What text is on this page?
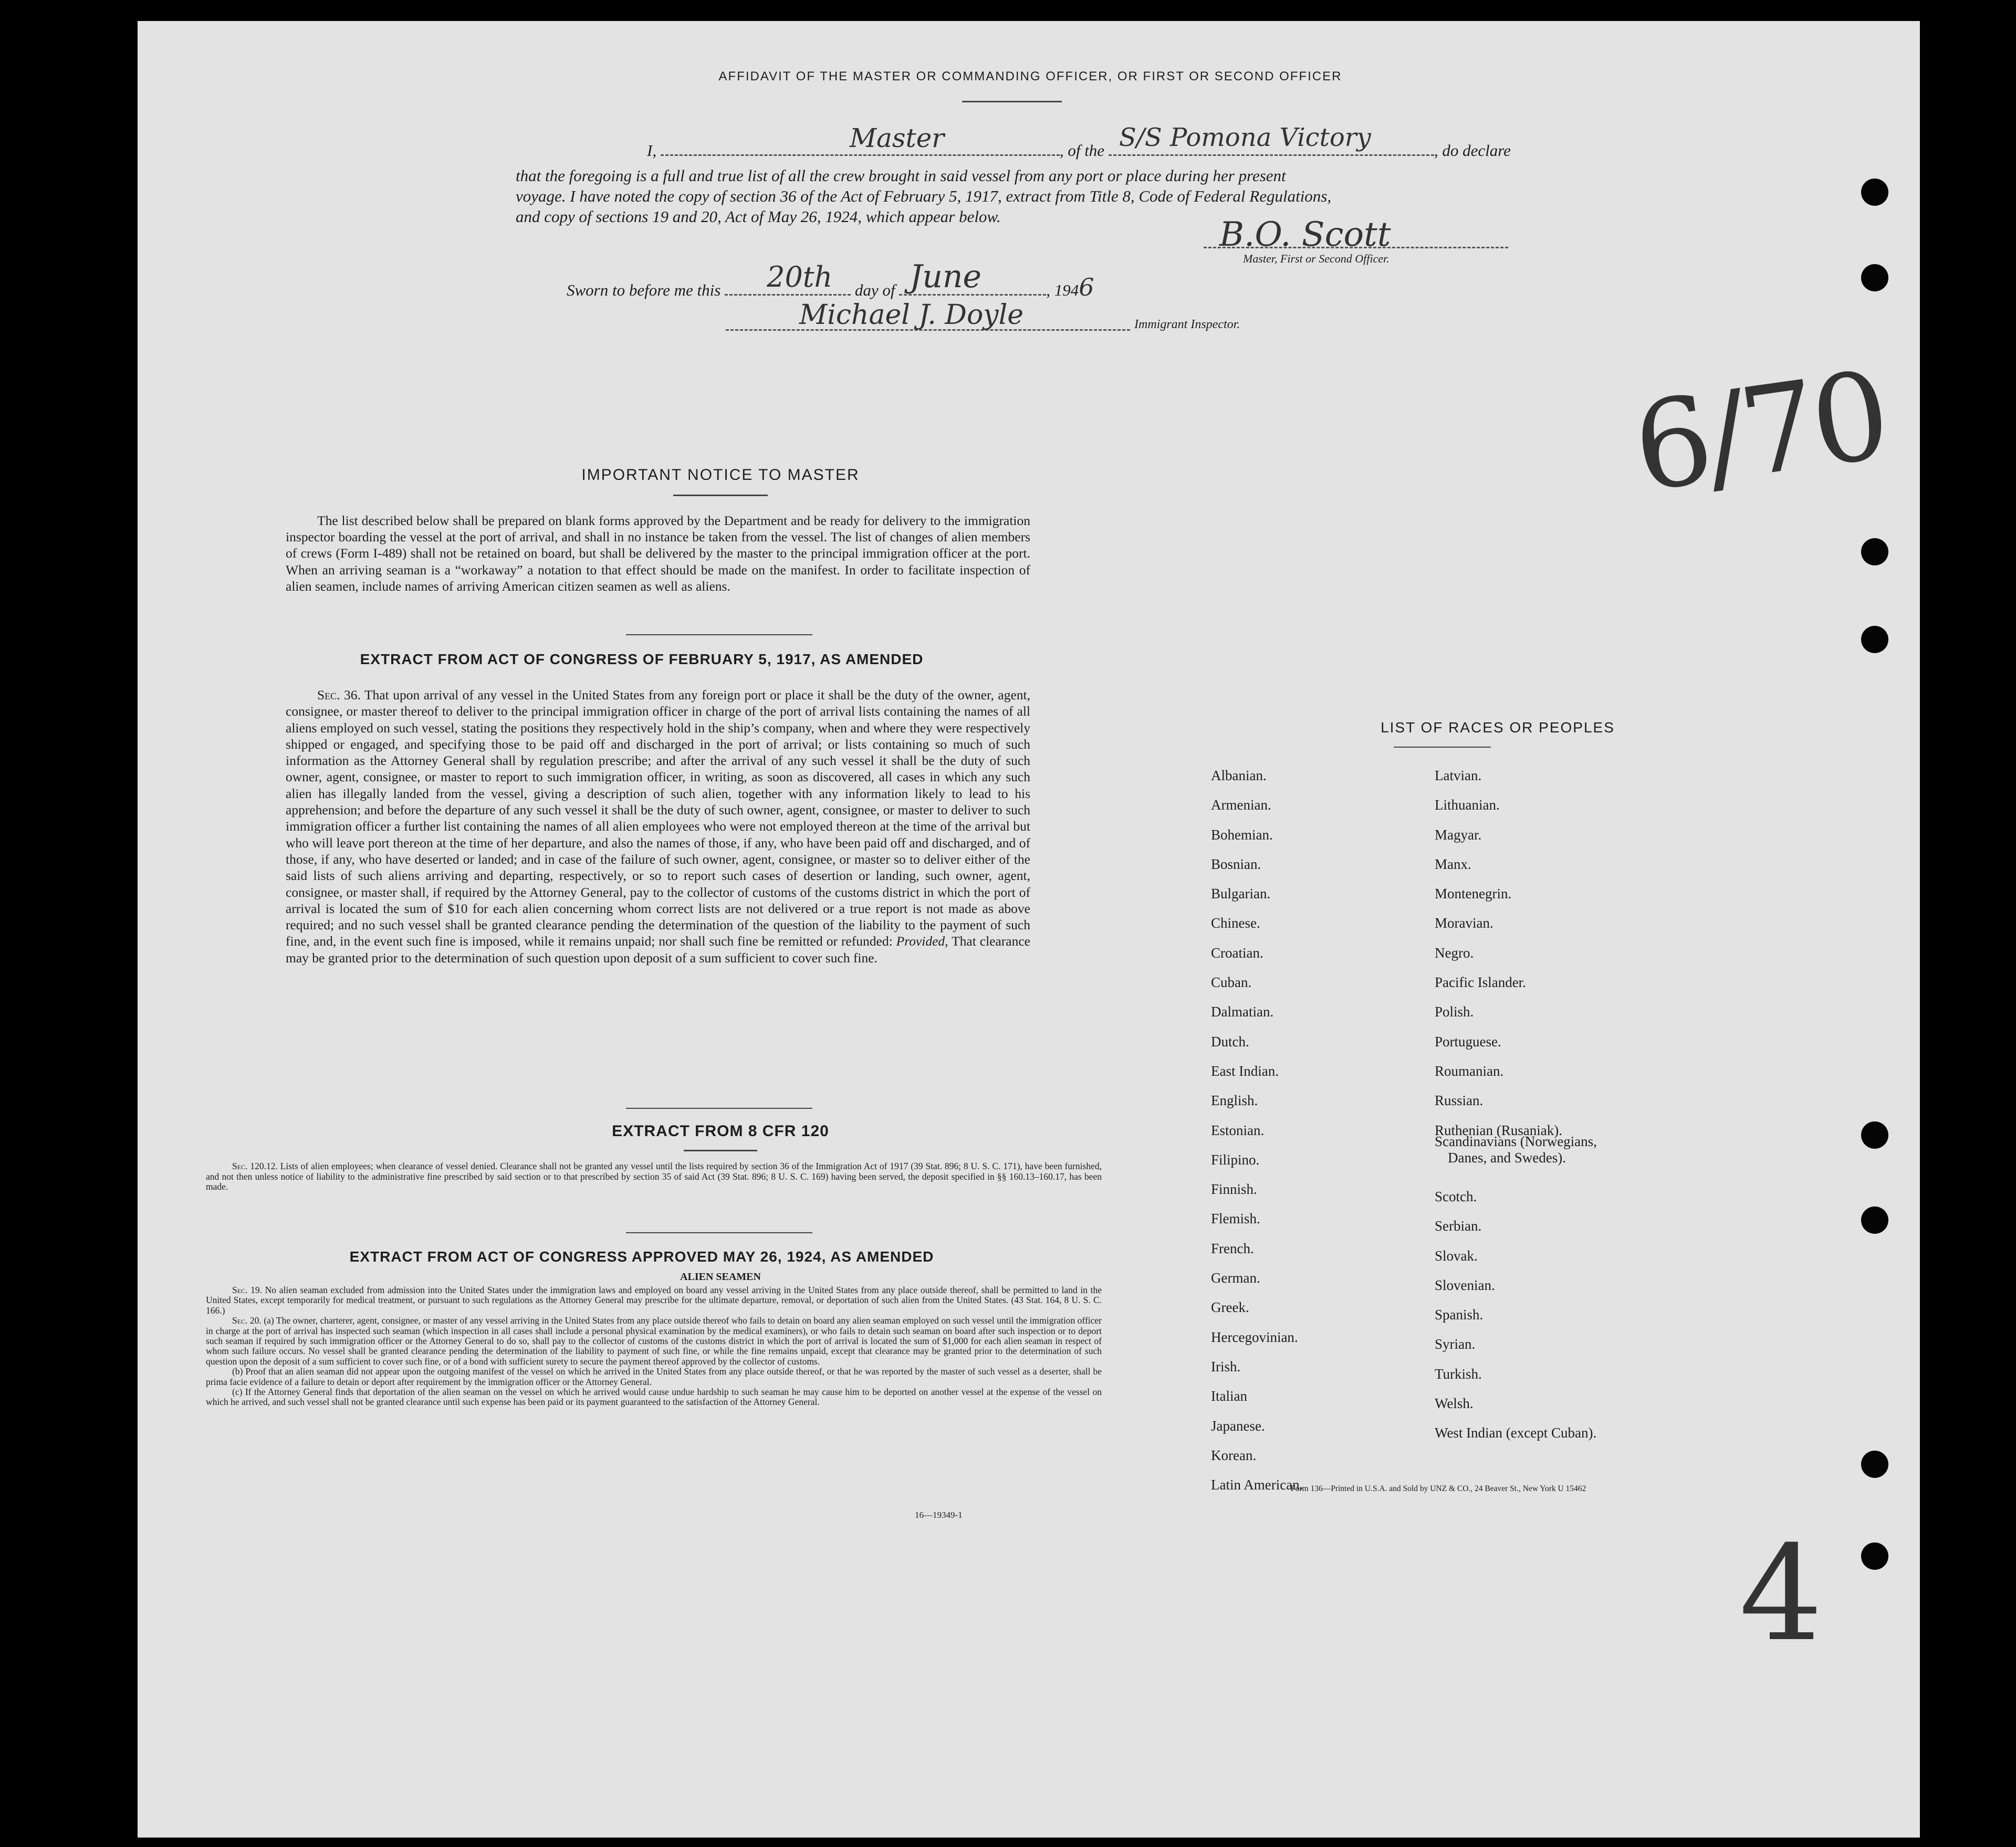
AFFIDAVIT OF THE MASTER OR COMMANDING OFFICER, OR FIRST OR SECOND OFFICER
I,	Master	, of the S/S Pomona Victory	, do declare
that the foregoing is a full and true list of all the crew brought in said vessel from any port or place during her present
voyage. I have noted the copy of section 36 of the Act of February 5, 1917, extract from Title 8, Code of Federal Regulations,
and copy of sections 19 and 20, Act of May 26, 1924, which appear below.	B.O. Scott
Master, First or Second Officer.
Sworn to before me this 20th day of June	, 1946
Michael J. Doyle	Immigrant Inspector.
6/70
4
IMPORTANT NOTICE TO MASTER

The list described below shall be prepared on blank forms approved by the Department and be ready for delivery to the immigration inspector boarding the vessel at the port of arrival, and shall in no instance be taken from the vessel. The list of changes of alien members of crews (Form I-489) shall not be retained on board, but shall be delivered by the master to the principal immigration officer at the port. When an arriving seaman is a “workaway” a notation to that effect should be made on the manifest. In order to facilitate inspection of alien seamen, include names of arriving American citizen seamen as well as aliens.

EXTRACT FROM ACT OF CONGRESS OF FEBRUARY 5, 1917, AS AMENDED
Sec. 36. That upon arrival of any vessel in the United States from any foreign port or place it shall be the duty of the owner, agent, consignee, or master thereof to deliver to the principal immigration officer in charge of the port of arrival lists containing the names of all aliens employed on such vessel, stating the positions they respectively hold in the ship’s company, when and where they were respectively shipped or engaged, and specifying those to be paid off and discharged in the port of arrival; or lists containing so much of such information as the Attorney General shall by regulation prescribe; and after the arrival of any such vessel it shall be the duty of such owner, agent, consignee, or master to report to such immigration officer, in writing, as soon as discovered, all cases in which any such alien has illegally landed from the vessel, giving a description of such alien, together with any information likely to lead to his apprehension; and before the departure of any such vessel it shall be the duty of such owner, agent, consignee, or master to deliver to such immigration officer a further list containing the names of all alien employees who were not employed thereon at the time of the arrival but who will leave port thereon at the time of her departure, and also the names of those, if any, who have been paid off and discharged, and of those, if any, who have deserted or landed; and in case of the failure of such owner, agent, consignee, or master so to deliver either of the said lists of such aliens arriving and departing, respectively, or so to report such cases of desertion or landing, such owner, agent, consignee, or master shall, if required by the Attorney General, pay to the collector of customs of the customs district in which the port of arrival is located the sum of $10 for each alien concerning whom correct lists are not delivered or a true report is not made as above required; and no such vessel shall be granted clearance pending the determination of the question of the liability to the payment of such fine, and, in the event such fine is imposed, while it remains unpaid; nor shall such fine be remitted or refunded: Provided, That clearance may be granted prior to the determination of such question upon deposit of a sum sufficient to cover such fine.
EXTRACT FROM 8 CFR 120
Sec. 120.12. Lists of alien employees; when clearance of vessel denied. Clearance shall not be granted any vessel until the lists required by section 36 of the Immigration Act of 1917 (39 Stat. 896; 8 U. S. C. 171), have been furnished, and not then unless notice of liability to the administrative fine prescribed by said section or to that prescribed by section 35 of said Act (39 Stat. 896; 8 U. S. C. 169) having been served, the deposit specified in §§ 160.13–160.17, has been made.
EXTRACT FROM ACT OF CONGRESS APPROVED MAY 26, 1924, AS AMENDED
ALIEN SEAMEN
Sec. 19. No alien seaman excluded from admission into the United States under the immigration laws and employed on board any vessel arriving in the United States from any place outside thereof, shall be permitted to land in the United States, except temporarily for medical treatment, or pursuant to such regulations as the Attorney General may prescribe for the ultimate departure, removal, or deportation of such alien from the United States. (43 Stat. 164, 8 U. S. C. 166.)
Sec. 20. (a) The owner, charterer, agent, consignee, or master of any vessel arriving in the United States from any place outside thereof who fails to detain on board any alien seaman employed on such vessel until the immigration officer in charge at the port of arrival has inspected such seaman (which inspection in all cases shall include a personal physical examination by the medical examiners), or who fails to detain such seaman on board after such inspection or to deport such seaman if required by such immigration officer or the Attorney General to do so, shall pay to the collector of customs of the customs district in which the port of arrival is located the sum of $1,000 for each alien seaman in respect of whom such failure occurs. No vessel shall be granted clearance pending the determination of the liability to payment of such fine, or while the fine remains unpaid, except that clearance may be granted prior to the determination of such question upon the deposit of a sum sufficient to cover such fine, or of a bond with sufficient surety to secure the payment thereof approved by the collector of customs.
(b) Proof that an alien seaman did not appear upon the outgoing manifest of the vessel on which he arrived in the United States from any place outside thereof, or that he was reported by the master of such vessel as a deserter, shall be prima facie evidence of a failure to detain or deport after requirement by the immigration officer or the Attorney General.
(c) If the Attorney General finds that deportation of the alien seaman on the vessel on which he arrived would cause undue hardship to such seaman he may cause him to be deported on another vessel at the expense of the vessel on which he arrived, and such vessel shall not be granted clearance until such expense has been paid or its payment guaranteed to the satisfaction of the Attorney General.
16—19349-1
LIST OF RACES OR PEOPLES
Albanian.
Armenian.
Bohemian.
Bosnian.
Bulgarian.
Chinese.
Croatian.
Cuban.
Dalmatian.
Dutch.
East Indian.
English.
Estonian.
Filipino.
Finnish.
Flemish.
French.
German.
Greek.
Hercegovinian.
Irish.
Italian
Japanese.
Korean.
Latin American.
Latvian.
Lithuanian.
Magyar.
Manx.
Montenegrin.
Moravian.
Negro.
Pacific Islander.
Polish.
Portuguese.
Roumanian.
Russian.
Ruthenian (Rusaniak).
Scandinavians (Norwegians,
Danes, and Swedes).
Scotch.
Serbian.
Slovak.
Slovenian.
Spanish.
Syrian.
Turkish.
Welsh.
West Indian (except Cuban).
Form 136—Printed in U.S.A. and Sold by UNZ & CO., 24 Beaver St., New York U 15462
